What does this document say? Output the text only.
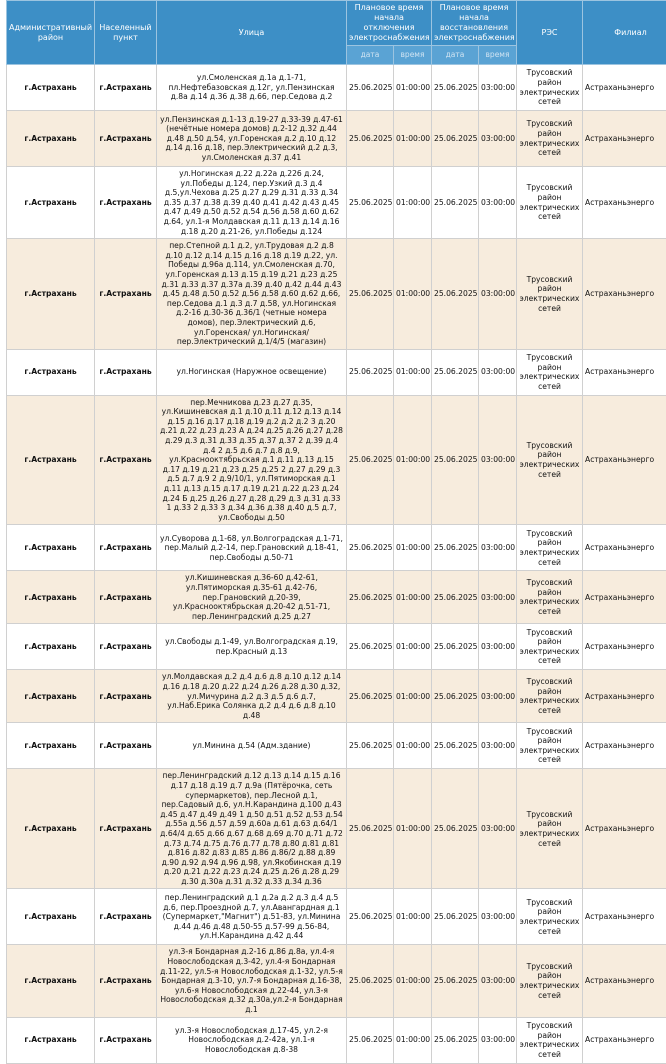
Административный район	Населенный пункт	Улица	Плановое время начала отключения электроснабжения		Плановое время начала восстановления электроснабжения		РЭС	Филиал
			дата	время	дата	время		
г.Астрахань	г.Астрахань	ул.Смоленская д.1а д.1-71, пл.Нефтебазовская д.12г, ул.Пензинская д.8а д.14 д.36 д.38 д.66, пер.Седова д.2	25.06.2025	01:00:00	25.06.2025	03:00:00	Трусовский район электрических сетей	Астраханьэнерго
г.Астрахань	г.Астрахань	ул.Пензинская д.1-13 д.19-27 д.33-39 д.47-61 (нечётные номера домов) д.2-12 д.32 д.44 д.48 д.50 д.54, ул.Горенская д.2 д.10 д.12 д.14 д.16 д.18, пер.Электрический д.2 д.3, ул.Смоленская д.37 д.41	25.06.2025	01:00:00	25.06.2025	03:00:00	Трусовский район электрических сетей	Астраханьэнерго
г.Астрахань	г.Астрахань	ул.Ногинская д.22 д.22а д.226 д.24, ул.Победы д.124, пер.Узкий д.3 д.4 д.5,ул.Чехова д.25 д.27 д.29 д.31 д.33 д.34 д.35 д.37 д.38 д.39 д.40 д.41 д.42 д.43 д.45 д.47 д.49 д.50 д.52 д.54 д.56 д.58 д.60 д.62 д.64, ул.1-я Молдавская д.11 д.13 д.14 д.16 д.18 д.20 д.21-26, ул.Победы д.124	25.06.2025	01:00:00	25.06.2025	03:00:00	Трусовский район электрических сетей	Астраханьэнерго
г.Астрахань	г.Астрахань	пер.Степной д.1 д.2, ул.Трудовая д.2 д.8 д.10 д.12 д.14 д.15 д.16 д.18 д.19 д.22, ул. Победы д.96а д.114, ул.Смоленская д.70, ул.Горенская д.13 д.15 д.19 д.21 д.23 д.25 д.31 д.33 д.37 д.37а д.39 д.40 д.42 д.44 д.43 д.45 д.48 д.50 д.52 д.56 д.58 д.60 д.62 д.66, пер.Седова д.1 д.3 д.7 д.58, ул.Ногинская д.2-16 д.30-36 д.36/1 (четные номера домов), пер.Электрический д.6, ул.Горенская/ ул.Ногинская/пер.Электрический д.1/4/5 (магазин)	25.06.2025	01:00:00	25.06.2025	03:00:00	Трусовский район электрических сетей	Астраханьэнерго
г.Астрахань	г.Астрахань	ул.Ногинская (Наружное освещение)	25.06.2025	01:00:00	25.06.2025	03:00:00	Трусовский район электрических сетей	Астраханьэнерго
г.Астрахань	г.Астрахань	пер.Мечникова д.23 д.27 д.35, ул.Кишиневская д.1 д.10 д.11 д.12 д.13 д.14 д.15 д.16 д.17 д.18 д.19 д.2 д.2 д.2 3 д.20 д.21 д.22 д.23 д.23 А д.24 д.25 д.26 д.27 д.28 д.29 д.3 д.31 д.33 д.35 д.37 д.37 2 д.39 д.4 д.4 2 д.5 д.6 д.7 д.8 д.9, ул.Краснооктябрьская д.1 д.11 д.13 д.15 д.17 д.19 д.21 д.23 д.25 д.25 2 д.27 д.29 д.3 д.5 д.7 д.9 2 д.9/10/1, ул.Пятиморская д.1 д.11 д.13 д.15 д.17 д.19 д.21 д.22 д.23 д.24 д.24 Б д.25 д.26 д.27 д.28 д.29 д.3 д.31 д.33 1 д.33 2 д.33 3 д.34 д.36 д.38 д.40 д.5 д.7, ул.Свободы д.50	25.06.2025	01:00:00	25.06.2025	03:00:00	Трусовский район электрических сетей	Астраханьэнерго
г.Астрахань	г.Астрахань	ул.Суворова д.1-68, ул.Волгоградская д.1-71, пер.Малый д.2-14, пер.Грановский д.18-41, пер.Свободы д.50-71	25.06.2025	01:00:00	25.06.2025	03:00:00	Трусовский район электрических сетей	Астраханьэнерго
г.Астрахань	г.Астрахань	ул.Кишиневская д.36-60 д.42-61, ул.Пятиморская д.35-61 д.42-76, пер.Грановский д.20-39, ул.Краснооктябрьская д.20-42 д.51-71, пер.Ленинградский д.25 д.27	25.06.2025	01:00:00	25.06.2025	03:00:00	Трусовский район электрических сетей	Астраханьэнерго
г.Астрахань	г.Астрахань	ул.Свободы д.1-49, ул.Волгоградская д.19, пер.Красный д.13	25.06.2025	01:00:00	25.06.2025	03:00:00	Трусовский район электрических сетей	Астраханьэнерго
г.Астрахань	г.Астрахань	ул.Молдавская д.2 д.4 д.6 д.8 д.10 д.12 д.14 д.16 д.18 д.20 д.22 д.24 д.26 д.28 д.30 д.32, ул.Мичурина д.2 д.3 д.5 д.6 д.7, ул.Наб.Ерика Солянка д.2 д.4 д.6 д.8 д.10 д.48	25.06.2025	01:00:00	25.06.2025	03:00:00	Трусовский район электрических сетей	Астраханьэнерго
г.Астрахань	г.Астрахань	ул.Минина д.54 (Адм.здание)	25.06.2025	01:00:00	25.06.2025	03:00:00	Трусовский район электрических сетей	Астраханьэнерго
г.Астрахань	г.Астрахань	пер.Ленинградский д.12 д.13 д.14 д.15 д.16 д.17 д.18 д.19 д.7 д.9а (Пятёрочка, сеть супермаркетов), пер.Лесной д.1, пер.Садовый д.6, ул.Н.Карандина д.100 д.43 д.45 д.47 д.49 д.49 1 д.50 д.51 д.52 д.53 д.54 д.55а д.56 д.57 д.59 д.60а д.61 д.63 д.64/1 д.64/4 д.65 д.66 д.67 д.68 д.69 д.70 д.71 д.72 д.73 д.74 д.75 д.76 д.77 д.78 д.80 д.81 д.81 д.816 д.82 д.83 д.85 д.86 д.86/2 д.88 д.89 д.90 д.92 д.94 д.96 д.98, ул.Якобинская д.19 д.20 д.21 д.22 д.23 д.24 д.25 д.26 д.28 д.29 д.30 д.30а д.31 д.32 д.33 д.34 д.36	25.06.2025	01:00:00	25.06.2025	03:00:00	Трусовский район электрических сетей	Астраханьэнерго
г.Астрахань	г.Астрахань	пер.Ленинградский д.1 д.2а д.2 д.3 д.4 д.5 д.6, пер.Проездной д.7, ул.Авангардная д.1 (Супермаркет,"Магнит") д.51-83, ул.Минина д.44 д.46 д.48 д.50-55 д.57-99 д.56-84, ул.Н.Карандина д.42 д.44	25.06.2025	01:00:00	25.06.2025	03:00:00	Трусовский район электрических сетей	Астраханьэнерго
г.Астрахань	г.Астрахань	ул.3-я Бондарная д.2-16 д.86 д.8а, ул.4-я Новослободская д.3-42, ул.4-я Бондарная д.11-22, ул.5-я Новослободская д.1-32, ул.5-я Бондарная д.3-10, ул.7-я Бондарная д.16-38, ул.6-я Новослободская д.22-44, ул.3-я Новослободская д.32 д.30а,ул.2-я Бондарная д.1	25.06.2025	01:00:00	25.06.2025	03:00:00	Трусовский район электрических сетей	Астраханьэнерго
г.Астрахань	г.Астрахань	ул.3-я Новослободская д.17-45, ул.2-я Новослободская д.2-42а, ул.1-я Новослободская д.8-38	25.06.2025	01:00:00	25.06.2025	03:00:00	Трусовский район электрических сетей	Астраханьэнерго
